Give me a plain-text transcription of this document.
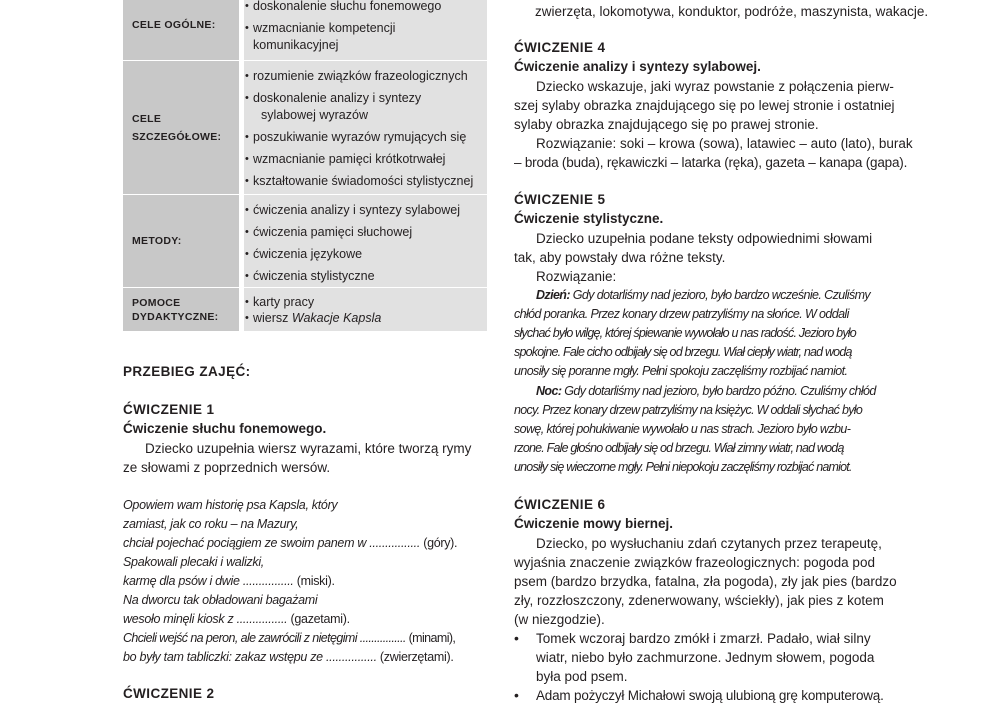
CELE OGÓLNE:
• doskonalenie słuchu fonemowego
• wzmacnianie kompetencji
komunikacyjnej
CELE
SZCZEGÓŁOWE:
• rozumienie związków frazeologicznych
• doskonalenie analizy i syntezy
sylabowej wyrazów
• poszukiwanie wyrazów rymujących się
• wzmacnianie pamięci krótkotrwałej
• kształtowanie świadomości stylistycznej
METODY:
• ćwiczenia analizy i syntezy sylabowej
• ćwiczenia pamięci słuchowej
• ćwiczenia językowe
• ćwiczenia stylistyczne
POMOCE
DYDAKTYCZNE:
• karty pracy
• wiersz Wakacje Kapsla
PRZEBIEG ZAJĘĆ:
ĆWICZENIE 1
Ćwiczenie słuchu fonemowego.
Dziecko uzupełnia wiersz wyrazami, które tworzą rymy
ze słowami z poprzednich wersów.
Opowiem wam historię psa Kapsla, który
zamiast, jak co roku – na Mazury,
chciał pojechać pociągiem ze swoim panem w ................ (góry).
Spakowali plecaki i walizki,
karmę dla psów i dwie ................ (miski).
Na dworcu tak obładowani bagażami
wesoło minęli kiosk z ................ (gazetami).
Chcieli wejść na peron, ale zawrócili z nietęgimi ................ (minami),
bo były tam tabliczki: zakaz wstępu ze ................ (zwierzętami).
ĆWICZENIE 2
zwierzęta, lokomotywa, konduktor, podróże, maszynista, wakacje.
ĆWICZENIE 4
Ćwiczenie analizy i syntezy sylabowej.
Dziecko wskazuje, jaki wyraz powstanie z połączenia pierw-
szej sylaby obrazka znajdującego się po lewej stronie i ostatniej
sylaby obrazka znajdującego się po prawej stronie.
Rozwiązanie: soki – krowa (sowa), latawiec – auto (lato), burak
– broda (buda), rękawiczki – latarka (ręka), gazeta – kanapa (gapa).
ĆWICZENIE 5
Ćwiczenie stylistyczne.
Dziecko uzupełnia podane teksty odpowiednimi słowami
tak, aby powstały dwa różne teksty.
Rozwiązanie:
Dzień: Gdy dotarliśmy nad jezioro, było bardzo wcześnie. Czuliśmy
chłód poranka. Przez konary drzew patrzyliśmy na słońce. W oddali
słychać było wilgę, której śpiewanie wywołało u nas radość. Jezioro było
spokojne. Fale cicho odbijały się od brzegu. Wiał ciepły wiatr, nad wodą
unosiły się poranne mgły. Pełni spokoju zaczęliśmy rozbijać namiot.
Noc: Gdy dotarliśmy nad jezioro, było bardzo późno. Czuliśmy chłód
nocy. Przez konary drzew patrzyliśmy na księżyc. W oddali słychać było
sowę, której pohukiwanie wywołało u nas strach. Jezioro było wzbu-
rzone. Fale głośno odbijały się od brzegu. Wiał zimny wiatr, nad wodą
unosiły się wieczorne mgły. Pełni niepokoju zaczęliśmy rozbijać namiot.
ĆWICZENIE 6
Ćwiczenie mowy biernej.
Dziecko, po wysłuchaniu zdań czytanych przez terapeutę,
wyjaśnia znaczenie związków frazeologicznych: pogoda pod
psem (bardzo brzydka, fatalna, zła pogoda), zły jak pies (bardzo
zły, rozzłoszczony, zdenerwowany, wściekły), jak pies z kotem
(w niezgodzie).
• Tomek wczoraj bardzo zmókł i zmarzł. Padało, wiał silny
wiatr, niebo było zachmurzone. Jednym słowem, pogoda
była pod psem.
• Adam pożyczył Michałowi swoją ulubioną grę komputerową.
